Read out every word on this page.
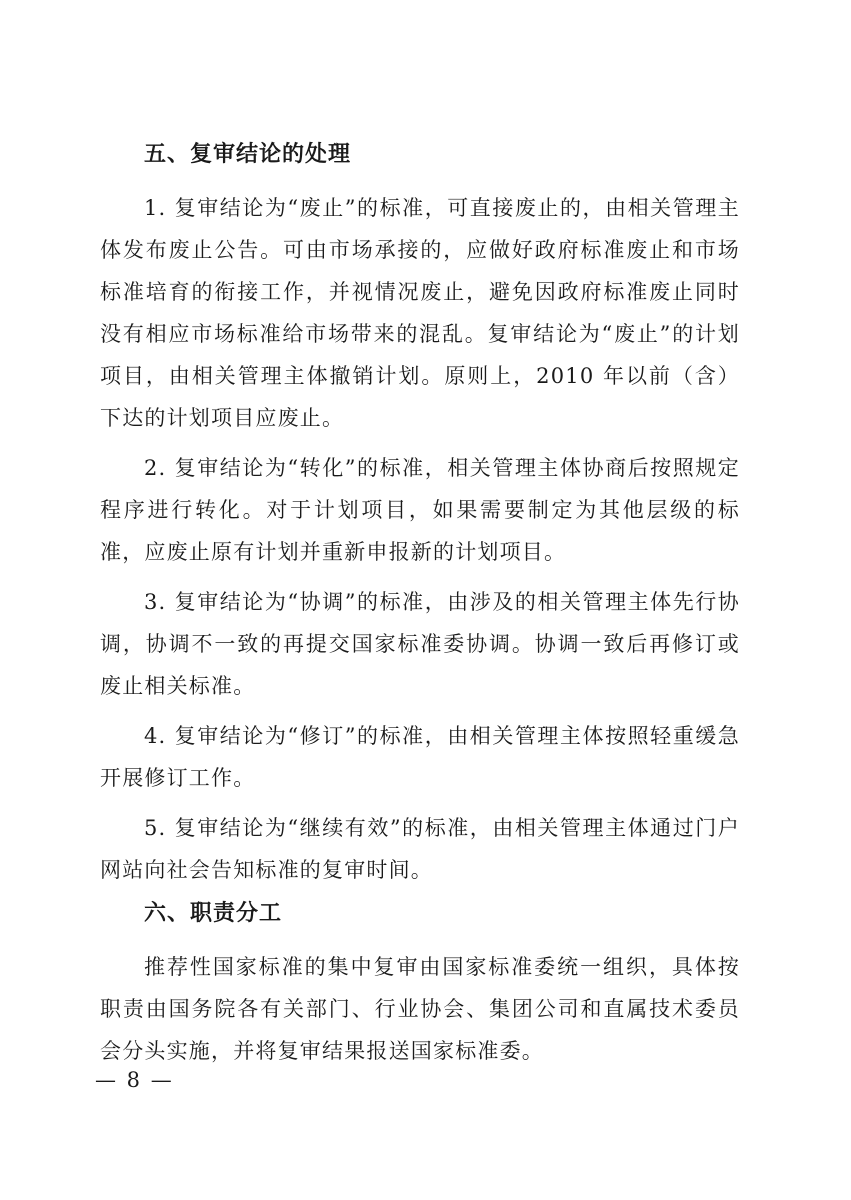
五、复审结论的处理

1. 复审结论为“废止”的标准，可直接废止的，由相关管理主体发布废止公告。可由市场承接的，应做好政府标准废止和市场标准培育的衔接工作，并视情况废止，避免因政府标准废止同时没有相应市场标准给市场带来的混乱。复审结论为“废止”的计划项目，由相关管理主体撤销计划。原则上，2010 年以前（含）下达的计划项目应废止。

2. 复审结论为“转化”的标准，相关管理主体协商后按照规定程序进行转化。对于计划项目，如果需要制定为其他层级的标准，应废止原有计划并重新申报新的计划项目。

3. 复审结论为“协调”的标准，由涉及的相关管理主体先行协调，协调不一致的再提交国家标准委协调。协调一致后再修订或废止相关标准。

4. 复审结论为“修订”的标准，由相关管理主体按照轻重缓急开展修订工作。

5. 复审结论为“继续有效”的标准，由相关管理主体通过门户网站向社会告知标准的复审时间。

六、职责分工

推荐性国家标准的集中复审由国家标准委统一组织，具体按职责由国务院各有关部门、行业协会、集团公司和直属技术委员会分头实施，并将复审结果报送国家标准委。

— 8 —
